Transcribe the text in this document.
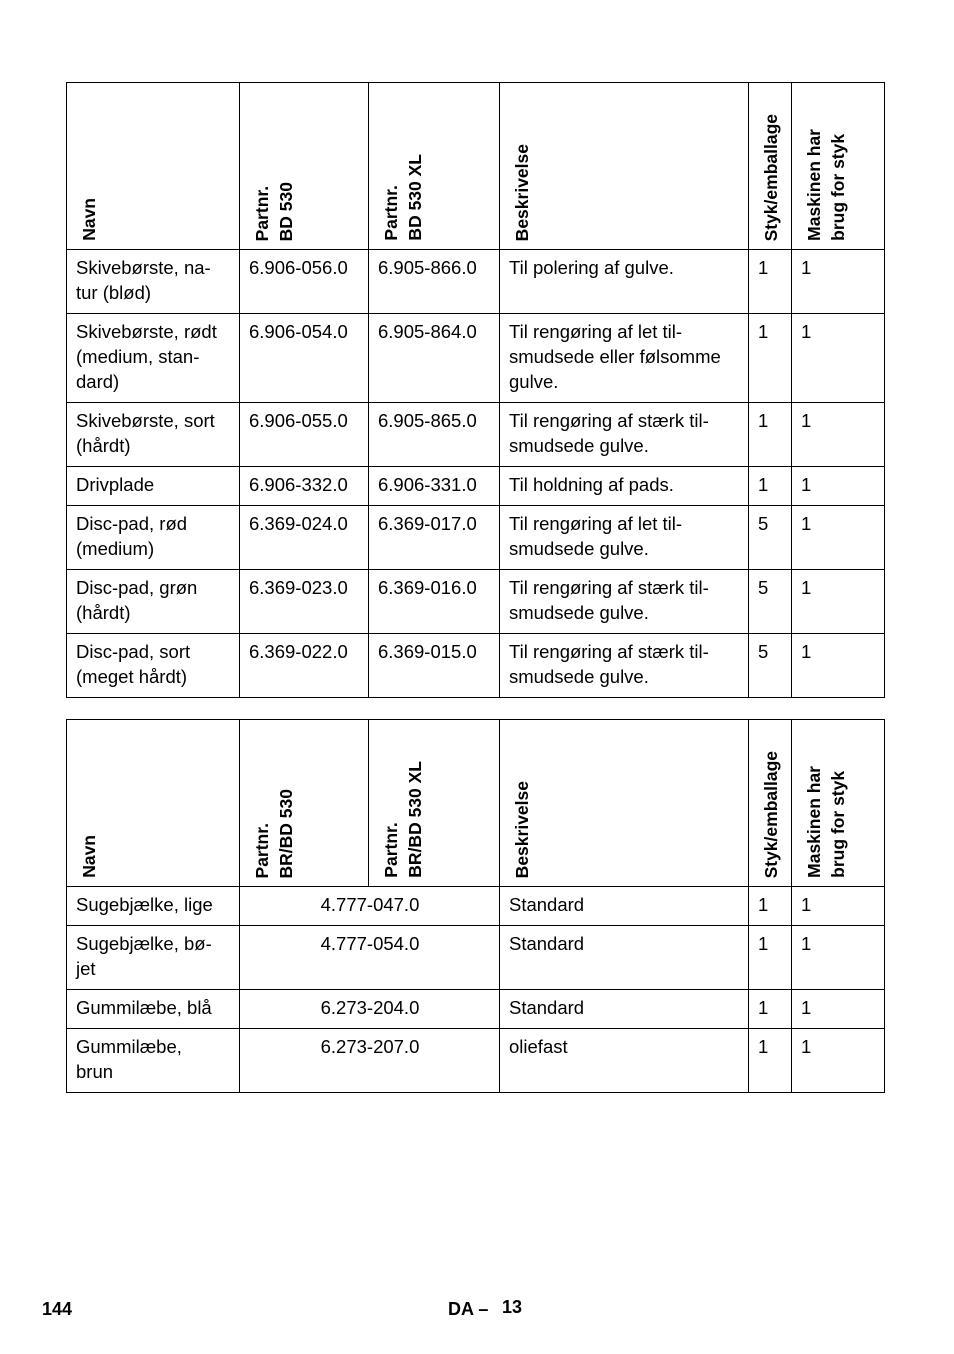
Navn	Partnr. BD 530	Partnr. BD 530 XL	Beskrivelse	Styk/emballage	Maskinen har brug for styk

Skivebørste, na-
tur (blød)	6.906-056.0	6.905-866.0	Til polering af gulve.	1	1
Skivebørste, rødt
(medium, stan-
dard)	6.906-054.0	6.905-864.0	Til rengøring af let til-
smudsede eller følsomme
gulve.	1	1
Skivebørste, sort
(hårdt)	6.906-055.0	6.905-865.0	Til rengøring af stærk til-
smudsede gulve.	1	1
Drivplade	6.906-332.0	6.906-331.0	Til holdning af pads.	1	1
Disc-pad, rød
(medium)	6.369-024.0	6.369-017.0	Til rengøring af let til-
smudsede gulve.	5	1
Disc-pad, grøn
(hårdt)	6.369-023.0	6.369-016.0	Til rengøring af stærk til-
smudsede gulve.	5	1
Disc-pad, sort
(meget hårdt)	6.369-022.0	6.369-015.0	Til rengøring af stærk til-
smudsede gulve.	5	1
Navn	Partnr. BR/BD 530	Partnr. BR/BD 530 XL	Beskrivelse	Styk/emballage	Maskinen har brug for styk

Sugebjælke, lige	4.777-047.0		Standard	1	1
Sugebjælke, bø-
jet	4.777-054.0		Standard	1	1
Gummilæbe, blå	6.273-204.0		Standard	1	1
Gummilæbe,
brun	6.273-207.0		oliefast	1	1
144	DA – 13
